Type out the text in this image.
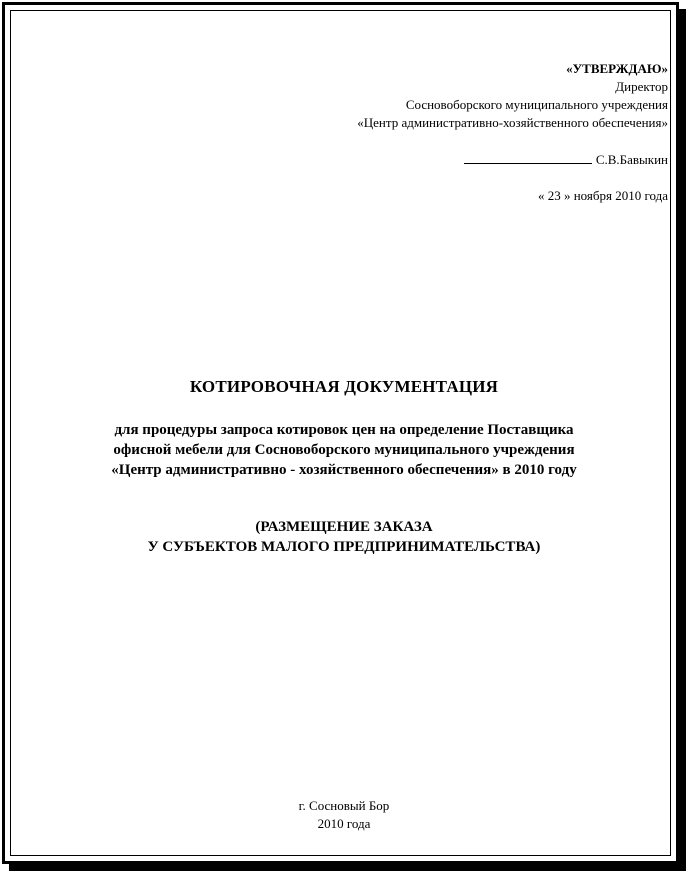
«УТВЕРЖДАЮ»
Директор
Сосновоборского муниципального учреждения
«Центр административно-хозяйственного обеспечения»
С.В.Бавыкин
« 23 » ноября 2010 года
КОТИРОВОЧНАЯ ДОКУМЕНТАЦИЯ
для процедуры запроса котировок цен на определение Поставщика
офисной мебели для Сосновоборского муниципального учреждения
«Центр административно - хозяйственного обеспечения» в 2010 году
(РАЗМЕЩЕНИЕ ЗАКАЗА
У СУБЪЕКТОВ МАЛОГО ПРЕДПРИНИМАТЕЛЬСТВА)
г. Сосновый Бор
2010 года
